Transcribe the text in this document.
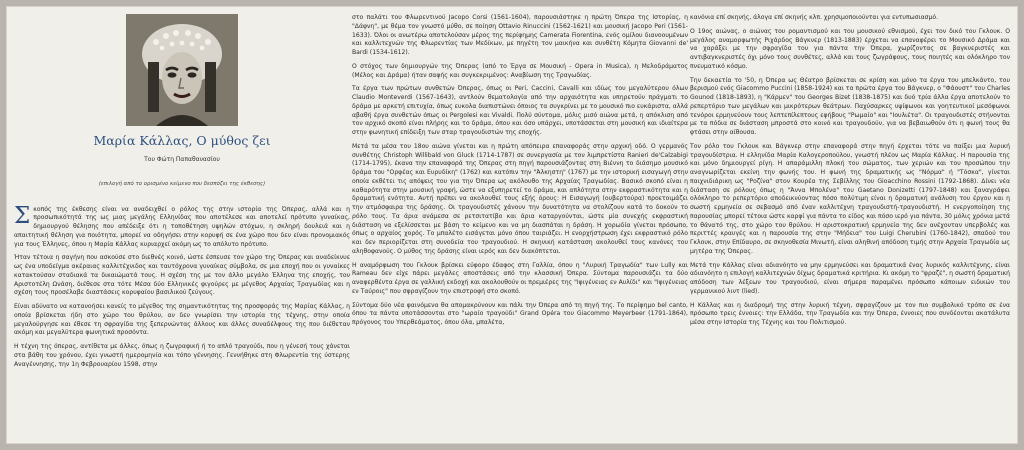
Μαρία Κάλλας, Ο μύθος ζει
Του Φώτη Παπαθανασίου
(επιλογή από το ορισμένο κείμενο που δεσπόζει της έκθεσης)

Σκοπός της έκθεσης είναι να αναδειχθεί ο ρόλος της στην ιστορία της Όπερας, αλλά και η προσωπικότητά της ως μιας μεγάλης Ελληνίδας που αποτέλεσε και αποτελεί πρότυπο γυναίκας, δημιουργού θέλησης που απέδειξε ότι η τοποθέτηση υψηλών στόχων, η σκληρή δουλειά και η απαιτητική θέληση για ποιότητα, μπορεί να οδηγήσει στην κορυφή σε ένα χώρο που δεν είναι προνομιακός για τους Έλληνες, όπου η Μαρία Κάλλας κυριαρχεί ακόμη ως το απόλυτο πρότυπο.

Ήταν τέτοια η σαγήνη που ασκούσε στο διεθνές κοινό, ώστε έσπευσε τον χώρο της Όπερας και αναδείκνυε ως ένα υποδείγμα ακέραιας καλλιτέχνιδος και ταυτόχρονα γυναίκας σύμβολα, σε μια εποχή που οι γυναίκες κατακτούσαν σταδιακά τα δικαιώματά τους. Η σχέση της με τον άλλο μεγάλο Έλληνα της εποχής, τον Αριστοτέλη Ωνάση, διέθεσε στα τότε Μέσα δύο Ελληνικές φιγούρες με μέγεθος Αρχαίας Τραγωδίας και η σχέση τους προσέλαβε διαστάσεις κορυφαίου βασιλικού ζεύγους.

Είναι αδύνατο να κατανοήσει κανείς το μέγεθος της σημαντικότητας της προσφοράς της Μαρίας Κάλλας, η οποία βρίσκεται ήδη στο χώρο του θρύλου, αν δεν γνωρίσει την ιστορία της τέχνης, στην οποία μεγαλούργησε και έθεσε τη σφραγίδα της ξεπερνώντας άλλους και άλλες συναδέλφους της που διέθεταν ακόμη και μεγαλύτερα φωνητικά προσόντα.

Η τέχνη της όπερας, αντίθετα με άλλες, όπως η ζωγραφική ή το απλό τραγούδι, που η γένεσή τους χάνεται στα βάθη του χρόνου, έχει γνωστή ημερομηνία και τόπο γέννησης. Γεννήθηκε στη Φλωρεντία της ύστερης Αναγέννησης, την 1η Φεβρουαρίου 1598, στην

στο παλάτι του Φλωρεντινού Jacopo Corsi (1561-1604), παρουσιάστηκε η πρώτη Όπερα της Ιστορίας, η "Δάφνη", με θέμα τον γνωστό μύθο, σε ποίηση Ottavio Rinuccini (1562-1621) και μουσική Jacopo Peri (1561-1633). Όλοι οι ανωτέρω αποτελούσαν μέρος της περίφημης Camerata Fiorentina, ενός ομίλου διανοουμένων και καλλιτεχνών της Φλωρεντίας των Μεδίκων, με πηγέτη τον μαικήνα και συνθέτη Κόμητα Giovanni de' Bardi (1534-1612).

Ο στόχος των δημιουργών της Όπερας (από το Έργα σε Μουσική - Opera in Musica), η Μελοδράματος (Μέλος και Δράμα) ήταν σαφής και συγκεκριμένος: Αναβίωση της Τραγωδίας.

Τα έργα των πρώτων συνθετών Όπερας, όπως οι Peri, Caccini, Cavalli και ιδίως του μεγαλύτερου όλων Claudio Monteverdi (1567-1643), αντλούν θεματολογία από την αρχαιότητα και υπηρετούν πράγματι το δράμα με αρκετή επιτυχία, όπως ευκολα διαπιστώνει όποιος τα συγκρίνει με το μουσικό πιο ευκάριστα, αλλά αβαθή έργα συνθετών όπως οι Pergolesi και Vivaldi. Πολύ σύντομα, μόλις μισό αιώνα μετά, η απόκλιση από τον αρχικό σκοπό είναι πλήρης και το δράμα, όπου και όσο υπάρχει, υποτάσσεται στη μουσική και ιδιαίτερα στην φωνητική επίδειξη των σταρ τραγουδιστών της εποχής.

Μετά τα μέσα του 18ου αιώνα γίνεται και η πρώτη απόπειρα επαναφοράς στην αρχική οδό. Ο γερμανός συνθέτης Christoph Willibald von Gluck (1714-1787) σε συνεργασία με τον λιμπρετίστα Ranieri de'Calzabigi (1714-1795), έκανα την επαναφορά της Όπερας στη πηγή παρουσιάζοντας στη Βιέννη το διάσημο μουσικό δράμα του "Ορφέας και Ευρυδίκη" (1762) και κατόπιν την "Άλκηστη" (1767) με την ιστορική εισαγωγή στην οποία εκθέτει τις απόψεις του για την Όπερα ως ακόλουθο της Αρχαίας Τραγωδίας. Βασικό σκοπό είναι η καθαρότητα στην μουσική γραφή, ώστε να εξυπηρετεί το δράμα, και απλότητα στην εκφραστικότητα και η δραματική ενότητα. Αυτή πρέπει να ακολουθεί τους εξής όρους: Η Εισαγωγή (ουβερτούρα) προετοιμάζει την ατμόσφαιρα της δράσης. Οι τραγουδιστές χάνουν την δυνατότητα να στολίζουν κατά το δοκούν το ρόλο τους. Τα άρια ανάμεσα σε ρετσιτατίβο και άρια καταργούνται, ώστε μία συνεχής εκφραστική διάσταση να εξελίσσεται με βάση το κείμενο και να μη διασπάται η δράση. Η χορωδία γίνεται πρόσωπο, όπως ο αρχαίος χορός. Το μπαλέτο εισάγεται μόνο όπου ταιριάζει. Η ενορχήστρωση έχει εκφραστικό ρόλο και δεν περιορίζεται στη συνοδεία του τραγουδιού. Η σκηνική κατάσταση ακολουθεί τους κανόνες του αληθοφανούς. Ο μύθος της δράσης είναι ιερός και δεν διακόπτεται.

Η αναμόρφωση του Γκλουκ βρίσκει εύφορο έδαφος στη Γαλλία, όπου η "Λυρική Τραγωδία" των Lully και Rameau δεν είχε πάρει μεγάλες αποστάσεις από την κλασσική Όπερα. Σύντομα παρουσιάζει τα δύο αναφερθέντα έργα σε γαλλική εκδοχή και ακολουθούν οι πρεμιέρες της "Ιφιγένειας εν Αυλίδι" και "Ιφιγένειας εν Ταύροις" που σφραγίζουν την επιστροφή στο σκοπό.

Σύντομα δύο νέα φαινόμενα θα απομακρύνουν και πάλι την Όπερα από τη πηγή της. Το περίφημο bel canto, όπου τα πάντα υποτάσσονται στο "ωραίο τραγούδι" Grand Opéra του Giacommo Meyerbeer (1791-1864), πρόγονος του Υπερθεάματος, όπου όλα, μπαλέτα,

κανόνια επί σκηνής, άλογα επί σκηνής κλπ. χρησιμοποιούνται για εντυπωσιασμό.

Ο 19ος αιώνας, ο αιώνας του ρομαντισμού και του μουσικού εθνισμού, έχει τον δικό του Γκλουκ. Ο μεγάλος αναμορφωτής Ριχάρδος Βάγκνερ (1813-1883) έρχεται να επαναφέρει το Μουσικό Δράμα και να χαράξει με την σφραγίδα του για πάντα την Όπερα, χωρίζοντας σε βαγκνεριστές και αντιβαγκνεριστές όχι μόνο τους συνθέτες, αλλά και τους ζωγράφους, τους ποιητές και ολόκληρο τον πνευματικό κόσμο.

Την δεκαετία το '50, η Όπερα ως Θέατρο βρίσκεται σε κρίση και μόνο τα έργα του μπελκάντο, του βερισμού ενός Giacommo Puccini (1858-1924) και τα πρώτα έργα του Βάγκνερ, ο "Φάουστ" του Charles Gounod (1818-1893), η "Κάρμεν" του Georges Bizet (1838-1875) και δυό τρία άλλα έργα αποτελούν το ρεπερτόριο των μεγάλων και μικρότερων θεάτρων. Παχύσαρκες υψίφωνοι και γοητευτικοί μεσόφωνοι τενόροι ερμηνεύουν τους λεπτεπίλεπτους εφήβους "Ρωμαίο" και "Ιουλιέτα". Οι τραγουδιστές στήνονται με τα πόδια σε διάσταση μπροστά στο κοινό και τραγουδούν, για να βεβαιωθούν ότι η φωνή τους θα φτάσει στην αίθουσα.

Τον ρόλο του Γκλουκ και Βάγκνερ στην επαναφορά στην πηγή έρχεται τότε να παίξει μια λυρική τραγουδίστρια. Η ελληνίδα Μαρία Καλογεροπούλου, γνωστή πλέον ως Μαρία Κάλλας. Η παρουσία της και μόνο δημιουργεί ρίγη. Η απαράμιλλη πλοκή του σώματος, των χεριών και του προσώπου την αναγνωρίζεται εκείνη την φωνής του. Η φωνή της δραματικής ως "Νόρμα" ή "Τόσκα", γίνεται παιχνιδιάρικη ως "Ροζίνα" στον Κουρέα της Σεβίλλης του Gioacchino Rossini (1792-1868). Δίνει νέα διάσταση σε ρόλους όπως η "Άννα Μπολένα" του Gaetano Donizetti (1797-1848) και ξαναγράφει ολόκληρο το ρεπερτόριο αποδεικνύοντας πόσο πολύτιμη είναι η δραματική ανάλυση του έργου και η σωστή ερμηνεία σε σεβασμό από έναν καλλιτέχνη τραγουδιστή-τραγουδιστή. Η ενεργοποίηση της παρουσίας μπορεί τέτοια ώστε καρφί για πάντα το είδος και πόσο ιερό για πάντα, 30 μόλις χρόνια μετά το θάνατό της, στο χώρο του θρύλου. Η αριστοκρατική ερμηνεία της δεν ανέχονταν υπερβολές και περιττές κραυγές και η παρουσία της στην "Μήδεια" του Luigi Cherubini (1760-1842), σπαδού του Γκλουκ, στην Επίδαυρο, σε σκηνοθεσία Μινωτή, είναι αληθινή απόδοση τιμής στην Αρχαία Τραγωδία ως μητέρα της Όπερας.

Μετά την Κάλλας είναι αδιανόητο να μην ερμηνεύσει και δραματικά ένας λυρικός καλλιτέχνης, είναι αδιανόητο η επιλογή καλλιτεχνών δίχως δραματικά κριτήρια. Κι ακόμη το "φραζέ", η σωστή δραματική απόδοση των λέξεων του τραγουδιού, είναι σήμερα παραμένει πρόσωπο κάποιων ειδικών του γερμανικού λιντ (lied).

Η Κάλλας και η διαδρομή της στην λυρική τέχνη, σφραγίζουν με τον πιο συμβολικό τρόπο σε ένα πρόσωπο τρεις έννοιες: την Ελλάδα, την Τραγωδία και την Όπερα, έννοιες που συνδέονται ακατάλυτα μέσα στην Ιστορία της Τέχνης και του Πολιτισμού.
